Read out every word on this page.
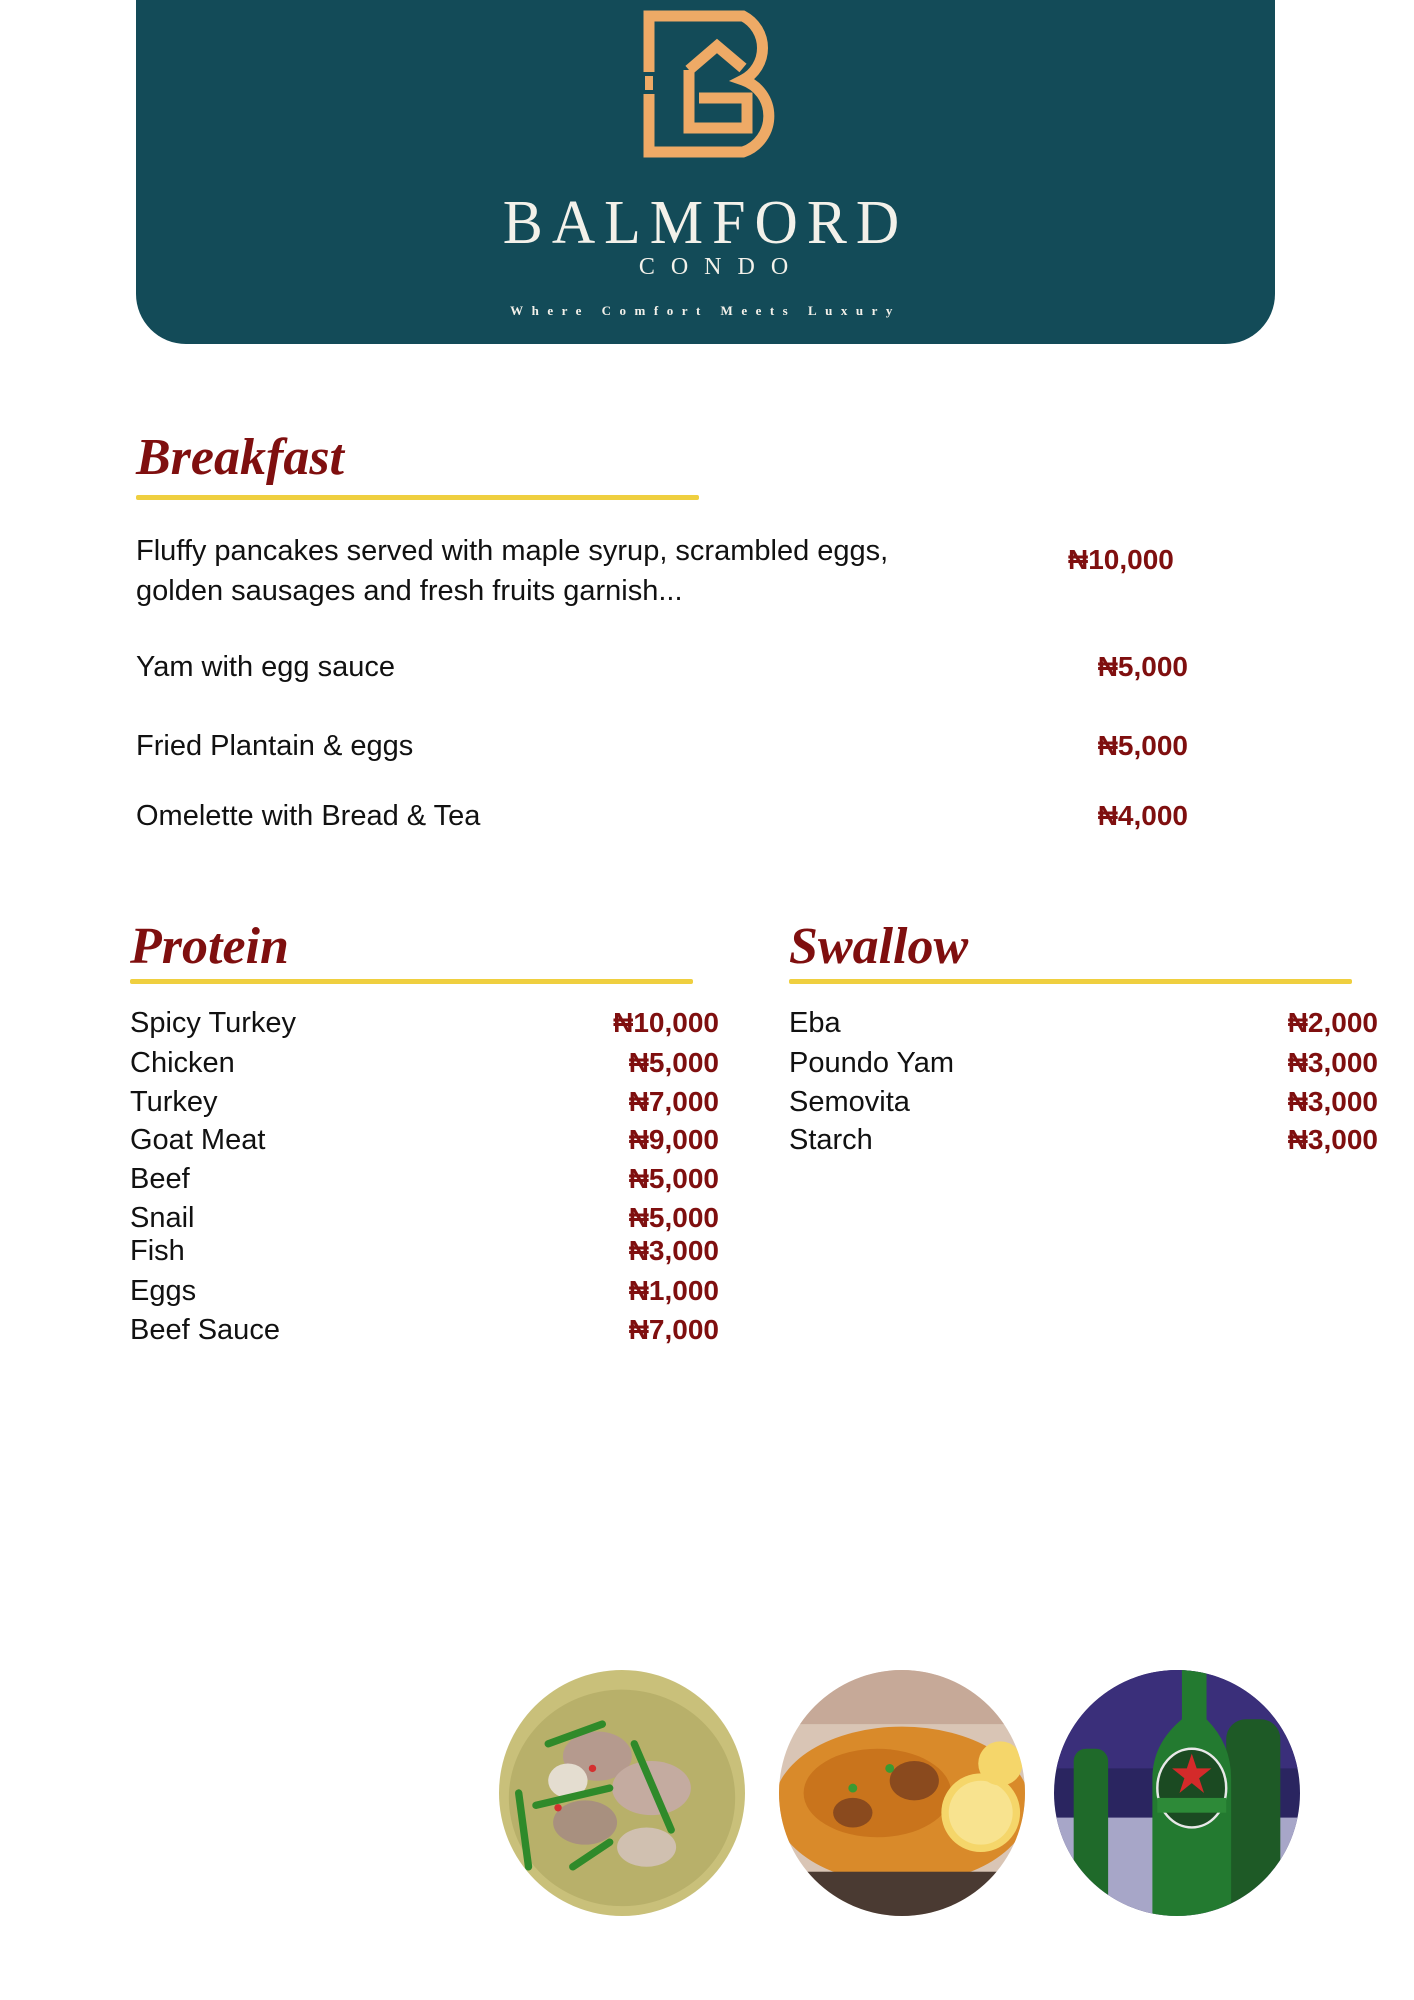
BALMFORD
CONDO
Where Comfort Meets Luxury
Breakfast
Fluffy pancakes served with maple syrup, scrambled eggs,
golden sausages and fresh fruits garnish...
₦10,000
Yam with egg sauce	₦5,000
Fried Plantain & eggs	₦5,000
Omelette with Bread & Tea	₦4,000
Protein
Spicy Turkey	₦10,000
Chicken	₦5,000
Turkey	₦7,000
Goat Meat	₦9,000
Beef	₦5,000
Snail	₦5,000
Fish	₦3,000
Eggs	₦1,000
Beef Sauce	₦7,000
Swallow
Eba	₦2,000
Poundo Yam	₦3,000
Semovita	₦3,000
Starch	₦3,000
